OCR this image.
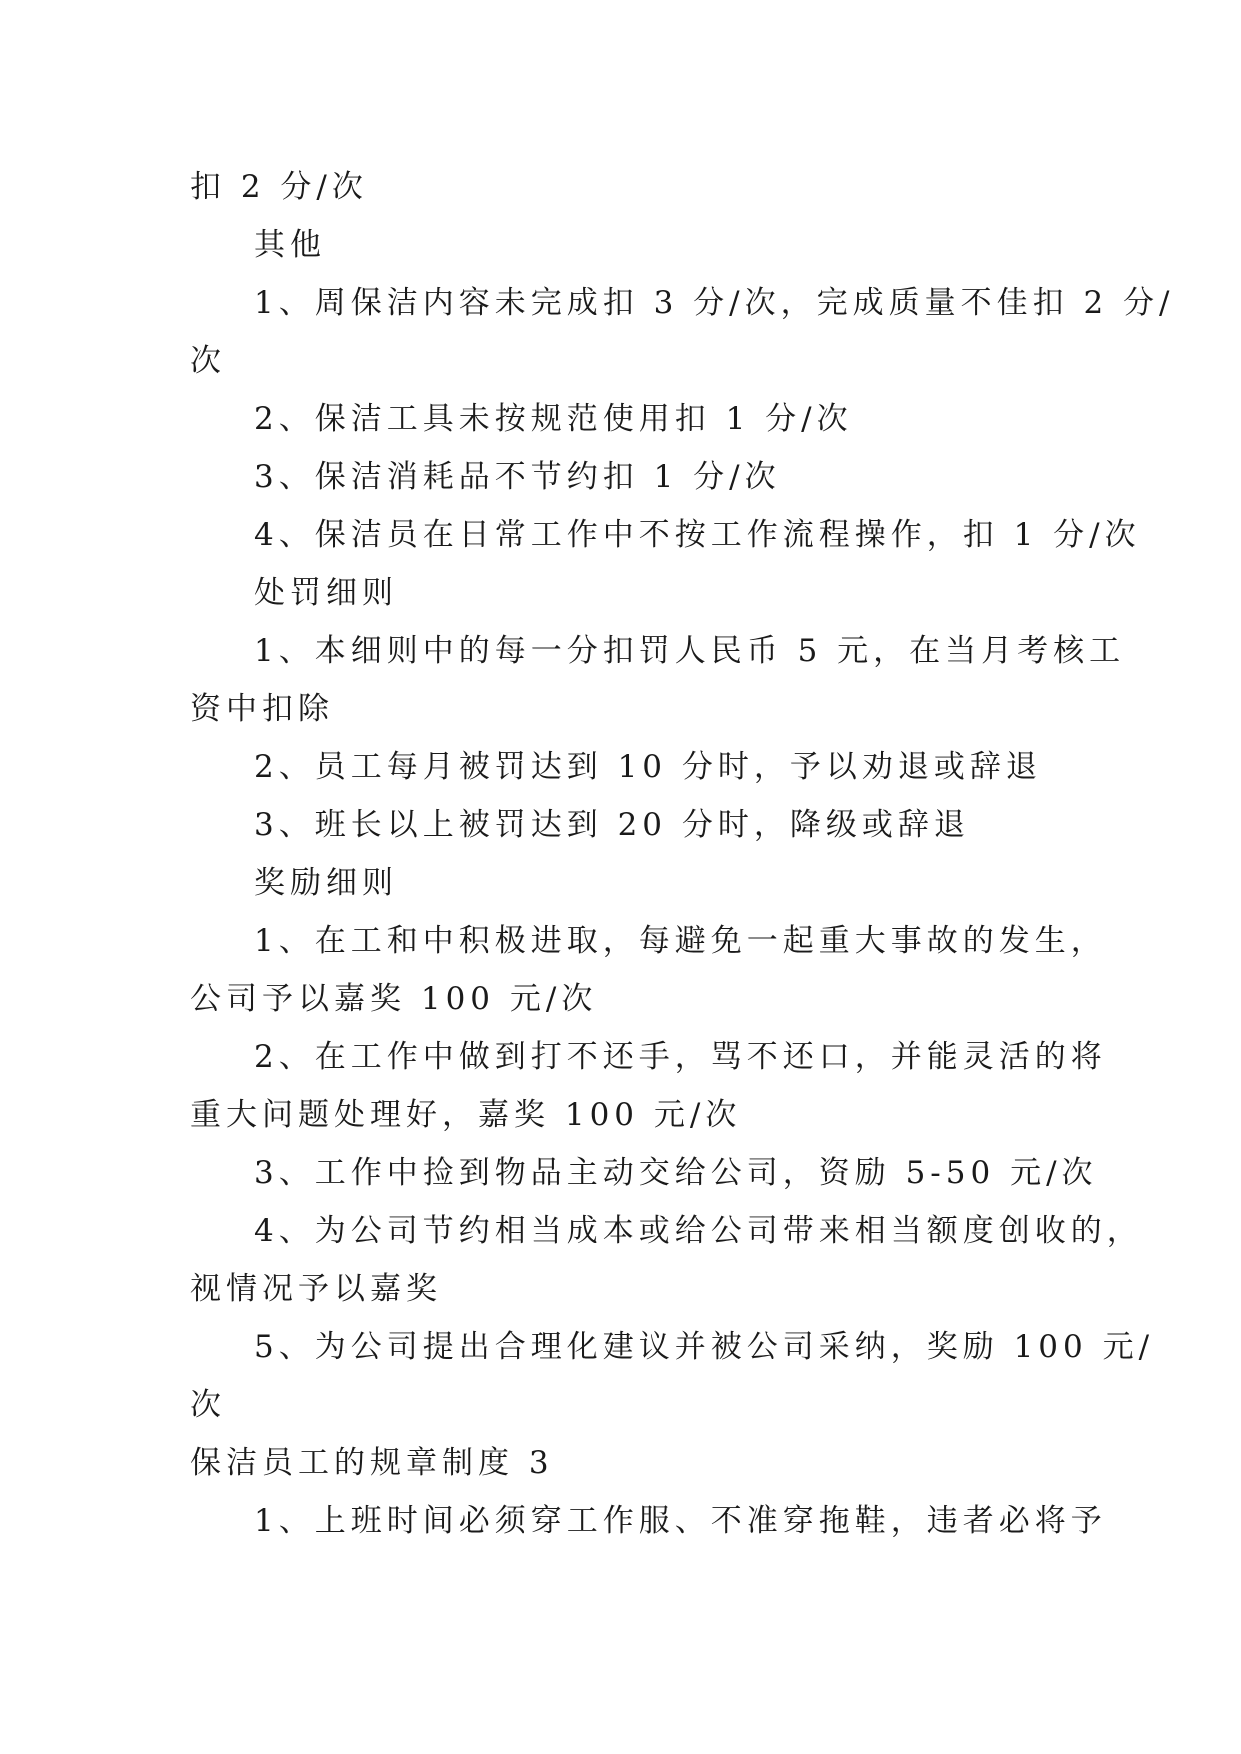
扣 2 分/次
其他
1、周保洁内容未完成扣 3 分/次，完成质量不佳扣 2 分/
次
2、保洁工具未按规范使用扣 1 分/次
3、保洁消耗品不节约扣 1 分/次
4、保洁员在日常工作中不按工作流程操作，扣 1 分/次
处罚细则
1、本细则中的每一分扣罚人民币 5 元，在当月考核工
资中扣除
2、员工每月被罚达到 10 分时，予以劝退或辞退
3、班长以上被罚达到 20 分时，降级或辞退
奖励细则
1、在工和中积极进取，每避免一起重大事故的发生，
公司予以嘉奖 100 元/次
2、在工作中做到打不还手，骂不还口，并能灵活的将
重大问题处理好，嘉奖 100 元/次
3、工作中捡到物品主动交给公司，资励 5-50 元/次
4、为公司节约相当成本或给公司带来相当额度创收的，
视情况予以嘉奖
5、为公司提出合理化建议并被公司采纳，奖励 100 元/
次
保洁员工的规章制度 3
1、上班时间必须穿工作服、不准穿拖鞋，违者必将予
